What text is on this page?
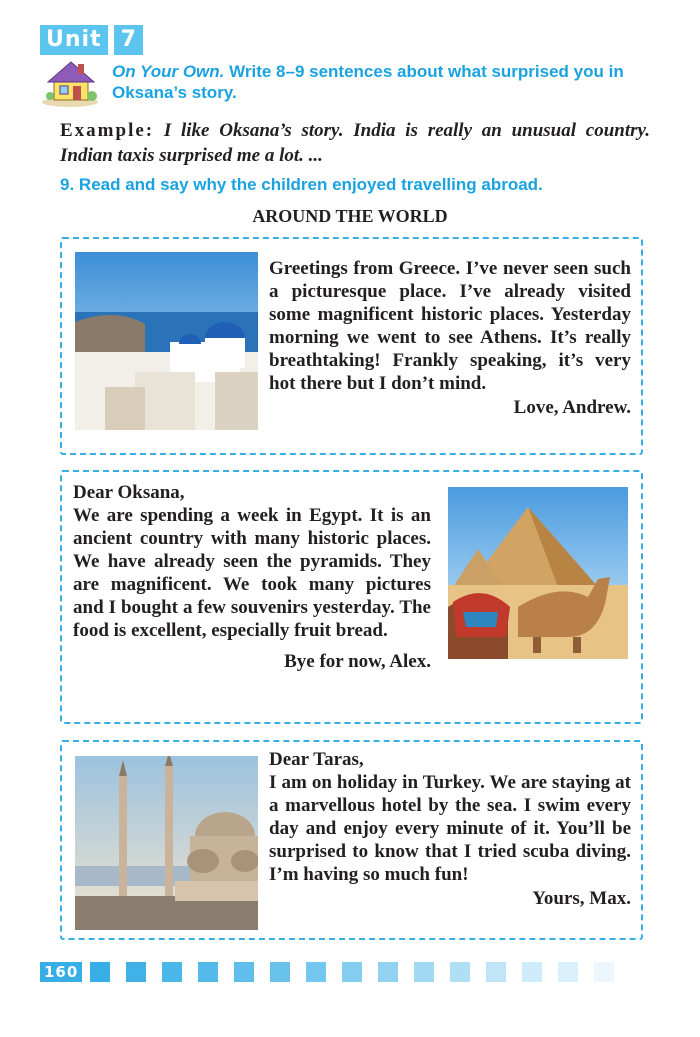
Unit 7
On Your Own. Write 8–9 sentences about what surprised you in Oksana’s story.
Example: I like Oksana’s story. India is really an unusual country. Indian taxis surprised me a lot. ...
9. Read and say why the children enjoyed travelling abroad.
AROUND THE WORLD

Greetings from Greece. I’ve never seen such a picturesque place. I’ve already visited some magnificent historic places. Yesterday morning we went to see Athens. It’s really breathtaking! Frankly speaking, it’s very hot there but I don’t mind.

Love, Andrew.

Dear Oksana,

We are spending a week in Egypt. It is an ancient country with many historic places. We have already seen the pyramids. They are magnificent. We took many pictures and I bought a few souvenirs yesterday. The food is excellent, especially fruit bread.

Bye for now, Alex.

Dear Taras,

I am on holiday in Turkey. We are staying at a marvellous hotel by the sea. I swim every day and enjoy every minute of it. You’ll be surprised to know that I tried scuba diving. I’m having so much fun!

Yours, Max.

160
